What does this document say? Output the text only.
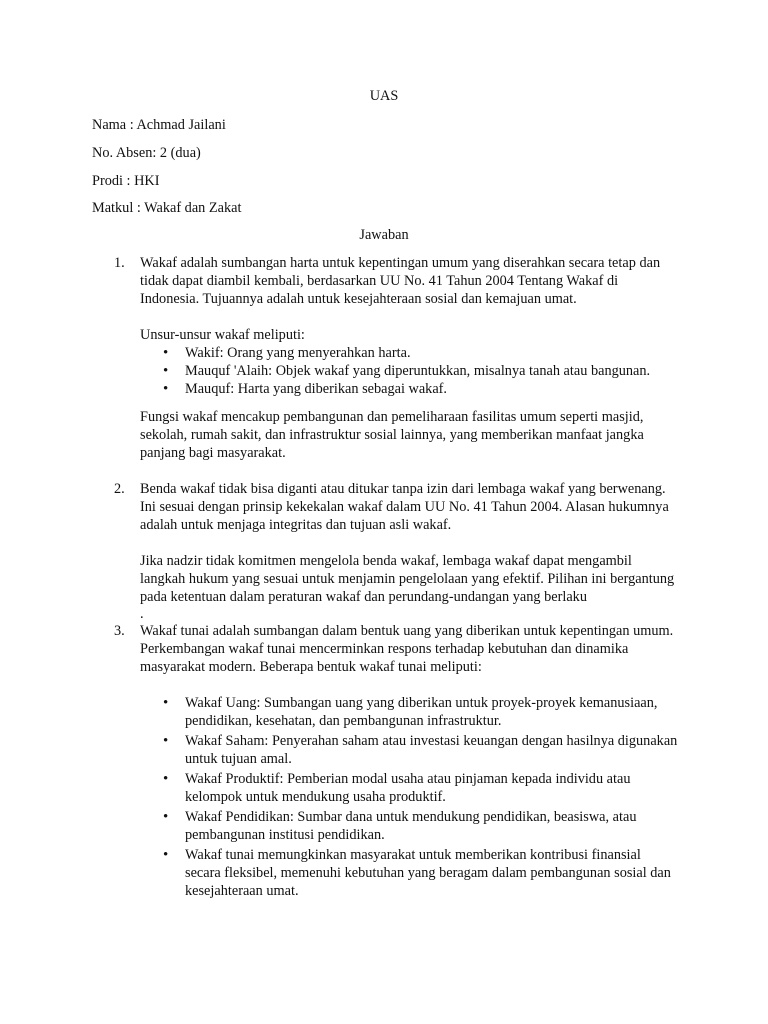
UAS
Nama : Achmad Jailani
No. Absen: 2 (dua)
Prodi : HKI
Matkul : Wakaf dan Zakat
Jawaban
1. Wakaf adalah sumbangan harta untuk kepentingan umum yang diserahkan secara tetap dan tidak dapat diambil kembali, berdasarkan UU No. 41 Tahun 2004 Tentang Wakaf di Indonesia. Tujuannya adalah untuk kesejahteraan sosial dan kemajuan umat.

Unsur-unsur wakaf meliputi:

• Wakif: Orang yang menyerahkan harta.
• Mauquf 'Alaih: Objek wakaf yang diperuntukkan, misalnya tanah atau bangunan.
• Mauquf: Harta yang diberikan sebagai wakaf.

Fungsi wakaf mencakup pembangunan dan pemeliharaan fasilitas umum seperti masjid, sekolah, rumah sakit, dan infrastruktur sosial lainnya, yang memberikan manfaat jangka panjang bagi masyarakat.

2. Benda wakaf tidak bisa diganti atau ditukar tanpa izin dari lembaga wakaf yang berwenang. Ini sesuai dengan prinsip kekekalan wakaf dalam UU No. 41 Tahun 2004. Alasan hukumnya adalah untuk menjaga integritas dan tujuan asli wakaf.

Jika nadzir tidak komitmen mengelola benda wakaf, lembaga wakaf dapat mengambil langkah hukum yang sesuai untuk menjamin pengelolaan yang efektif. Pilihan ini bergantung pada ketentuan dalam peraturan wakaf dan perundang-undangan yang berlaku

.

3. Wakaf tunai adalah sumbangan dalam bentuk uang yang diberikan untuk kepentingan umum. Perkembangan wakaf tunai mencerminkan respons terhadap kebutuhan dan dinamika masyarakat modern. Beberapa bentuk wakaf tunai meliputi:

• Wakaf Uang: Sumbangan uang yang diberikan untuk proyek-proyek kemanusiaan, pendidikan, kesehatan, dan pembangunan infrastruktur.
• Wakaf Saham: Penyerahan saham atau investasi keuangan dengan hasilnya digunakan untuk tujuan amal.
• Wakaf Produktif: Pemberian modal usaha atau pinjaman kepada individu atau kelompok untuk mendukung usaha produktif.
• Wakaf Pendidikan: Sumbar dana untuk mendukung pendidikan, beasiswa, atau pembangunan institusi pendidikan.
• Wakaf tunai memungkinkan masyarakat untuk memberikan kontribusi finansial secara fleksibel, memenuhi kebutuhan yang beragam dalam pembangunan sosial dan kesejahteraan umat.
